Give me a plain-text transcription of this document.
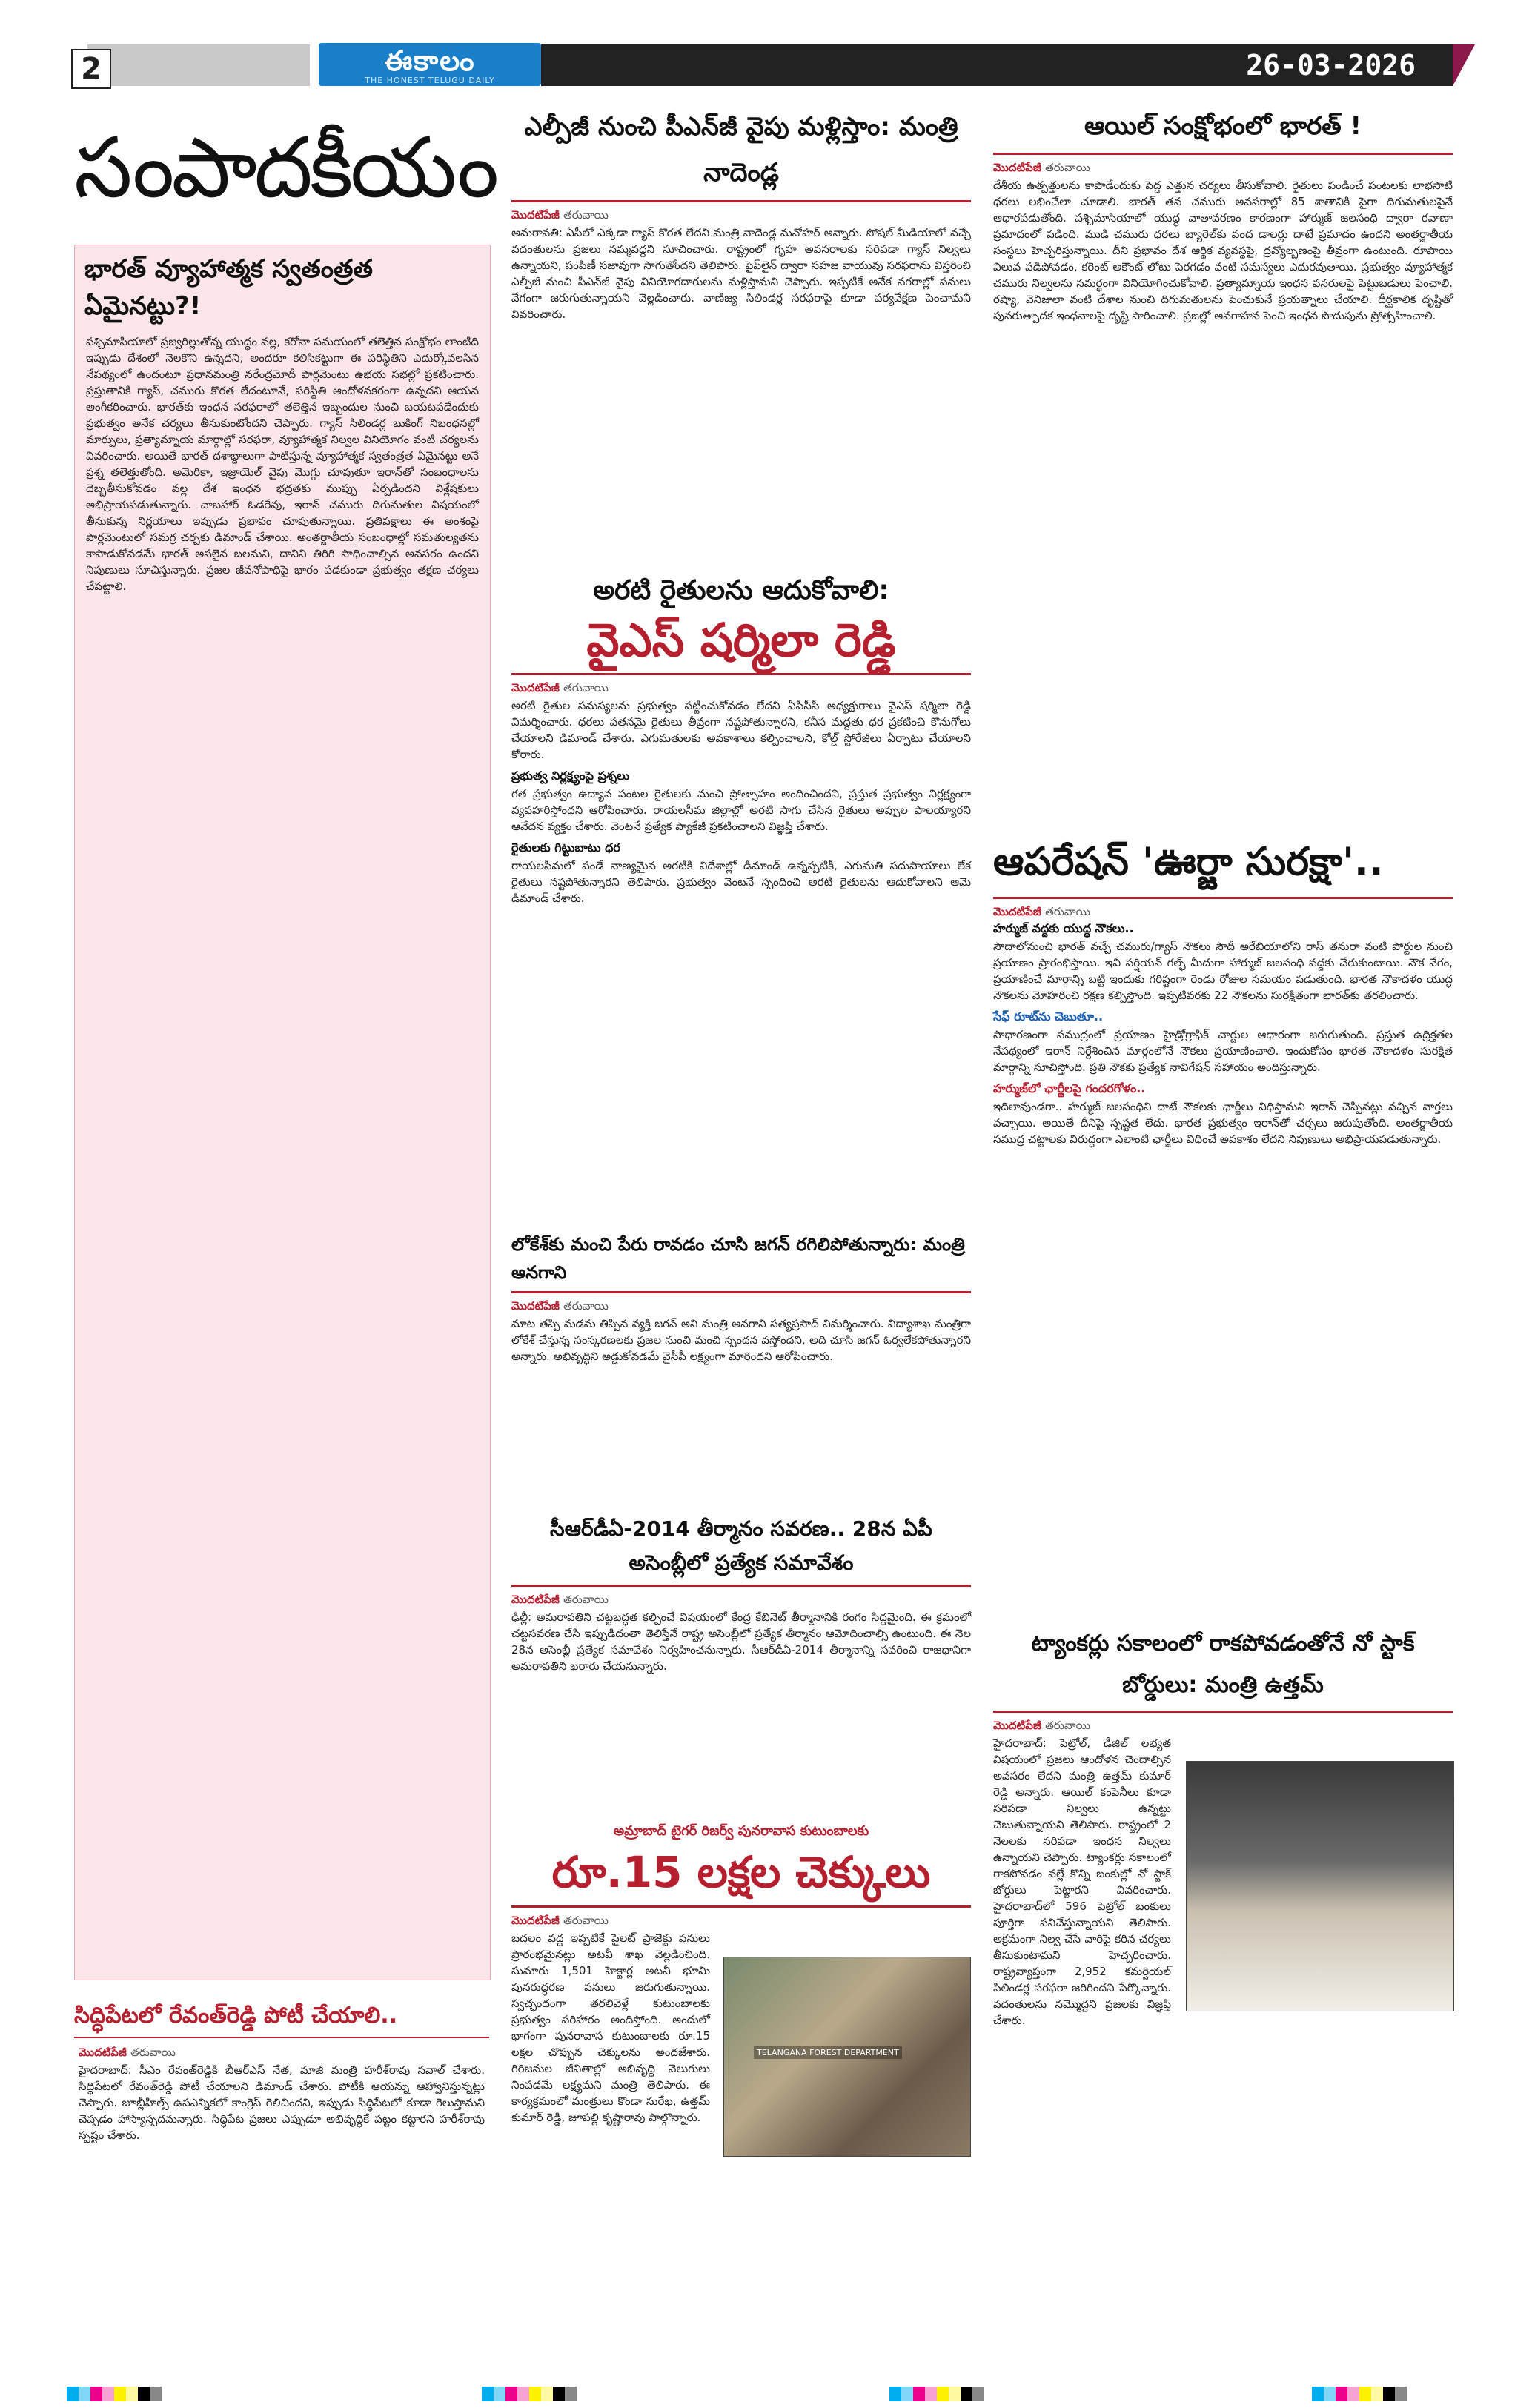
2	ఈకాలం
THE HONEST TELUGU DAILY	26-03-2026
సంపాదకీయం
భారత్ వ్యూహాత్మక స్వతంత్రత ఏమైనట్టు?!
పశ్చిమాసియాలో ప్రజ్వరిల్లుతోన్న యుద్ధం వల్ల, కరోనా సమయంలో తలెత్తిన సంక్షోభం లాంటిది ఇప్పుడు దేశంలో నెలకొని ఉన్నదని, అందరూ కలిసికట్టుగా ఈ పరిస్థితిని ఎదుర్కోవలసిన నేపథ్యంలో ఉందంటూ ప్రధానమంత్రి నరేంద్రమోదీ పార్లమెంటు ఉభయ సభల్లో ప్రకటించారు. ప్రస్తుతానికి గ్యాస్, చమురు కొరత లేదంటూనే, పరిస్థితి ఆందోళనకరంగా ఉన్నదని ఆయన అంగీకరించారు. భారత్‌కు ఇంధన సరఫరాలో తలెత్తిన ఇబ్బందుల నుంచి బయటపడేందుకు ప్రభుత్వం అనేక చర్యలు తీసుకుంటోందని చెప్పారు. గ్యాస్ సిలిండర్ల బుకింగ్ నిబంధనల్లో మార్పులు, ప్రత్యామ్నాయ మార్గాల్లో సరఫరా, వ్యూహాత్మక నిల్వల వినియోగం వంటి చర్యలను వివరించారు. అయితే భారత్ దశాబ్దాలుగా పాటిస్తున్న వ్యూహాత్మక స్వతంత్రత ఏమైనట్టు అనే ప్రశ్న తలెత్తుతోంది. అమెరికా, ఇజ్రాయెల్ వైపు మొగ్గు చూపుతూ ఇరాన్‌తో సంబంధాలను దెబ్బతీసుకోవడం వల్ల దేశ ఇంధన భద్రతకు ముప్పు ఏర్పడిందని విశ్లేషకులు అభిప్రాయపడుతున్నారు. చాబహార్ ఓడరేవు, ఇరాన్ చమురు దిగుమతుల విషయంలో తీసుకున్న నిర్ణయాలు ఇప్పుడు ప్రభావం చూపుతున్నాయి. ప్రతిపక్షాలు ఈ అంశంపై పార్లమెంటులో సమగ్ర చర్చకు డిమాండ్ చేశాయి. అంతర్జాతీయ సంబంధాల్లో సమతుల్యతను కాపాడుకోవడమే భారత్ అసలైన బలమని, దానిని తిరిగి సాధించాల్సిన అవసరం ఉందని నిపుణులు సూచిస్తున్నారు. ప్రజల జీవనోపాధిపై భారం పడకుండా ప్రభుత్వం తక్షణ చర్యలు చేపట్టాలి.
సిద్ధిపేటలో రేవంత్‌రెడ్డి పోటీ చేయాలి..
మొదటిపేజీ తరువాయి
హైదరాబాద్: సీఎం రేవంత్‌రెడ్డికి బీఆర్ఎస్ నేత, మాజీ మంత్రి హరీశ్‌రావు సవాల్ చేశారు. సిద్ధిపేటలో రేవంత్‌రెడ్డి పోటీ చేయాలని డిమాండ్ చేశారు. పోటీకి ఆయన్ను ఆహ్వానిస్తున్నట్లు చెప్పారు. జూబ్లీహిల్స్ ఉపఎన్నికలో కాంగ్రెస్ గెలిచిందని, ఇప్పుడు సిద్ధిపేటలో కూడా గెలుస్తామని చెప్పడం హాస్యాస్పదమన్నారు. సిద్ధిపేట ప్రజలు ఎప్పుడూ అభివృద్ధికే పట్టం కట్టారని హరీశ్‌రావు స్పష్టం చేశారు.
ఎల్పీజీ నుంచి పీఎన్‌జీ వైపు మళ్లిస్తాం: మంత్రి నాదెండ్ల
మొదటిపేజీ తరువాయి
అమరావతి: ఏపీలో ఎక్కడా గ్యాస్ కొరత లేదని మంత్రి నాదెండ్ల మనోహర్ అన్నారు. సోషల్ మీడియాలో వచ్చే వదంతులను ప్రజలు నమ్మవద్దని సూచించారు. రాష్ట్రంలో గృహ అవసరాలకు సరిపడా గ్యాస్ నిల్వలు ఉన్నాయని, పంపిణీ సజావుగా సాగుతోందని తెలిపారు. పైప్‌లైన్ ద్వారా సహజ వాయువు సరఫరాను విస్తరించి ఎల్పీజీ నుంచి పీఎన్‌జీ వైపు వినియోగదారులను మళ్లిస్తామని చెప్పారు. ఇప్పటికే అనేక నగరాల్లో పనులు వేగంగా జరుగుతున్నాయని వెల్లడించారు. వాణిజ్య సిలిండర్ల సరఫరాపై కూడా పర్యవేక్షణ పెంచామని వివరించారు.
అరటి రైతులను ఆదుకోవాలి:
వైఎస్ షర్మిలా రెడ్డి
మొదటిపేజీ తరువాయి
అరటి రైతుల సమస్యలను ప్రభుత్వం పట్టించుకోవడం లేదని ఏపీసీసీ అధ్యక్షురాలు వైఎస్ షర్మిలా రెడ్డి విమర్శించారు. ధరలు పతనమై రైతులు తీవ్రంగా నష్టపోతున్నారని, కనీస మద్దతు ధర ప్రకటించి కొనుగోలు చేయాలని డిమాండ్ చేశారు. ఎగుమతులకు అవకాశాలు కల్పించాలని, కోల్డ్ స్టోరేజీలు ఏర్పాటు చేయాలని కోరారు.
ప్రభుత్వ నిర్లక్ష్యంపై ప్రశ్నలు
గత ప్రభుత్వం ఉద్యాన పంటల రైతులకు మంచి ప్రోత్సాహం అందించిందని, ప్రస్తుత ప్రభుత్వం నిర్లక్ష్యంగా వ్యవహరిస్తోందని ఆరోపించారు. రాయలసీమ జిల్లాల్లో అరటి సాగు చేసిన రైతులు అప్పుల పాలయ్యారని ఆవేదన వ్యక్తం చేశారు. వెంటనే ప్రత్యేక ప్యాకేజీ ప్రకటించాలని విజ్ఞప్తి చేశారు.
రైతులకు గిట్టుబాటు ధర
రాయలసీమలో పండే నాణ్యమైన అరటికి విదేశాల్లో డిమాండ్ ఉన్నప్పటికీ, ఎగుమతి సదుపాయాలు లేక రైతులు నష్టపోతున్నారని తెలిపారు. ప్రభుత్వం వెంటనే స్పందించి అరటి రైతులను ఆదుకోవాలని ఆమె డిమాండ్ చేశారు.
లోకేశ్‌కు మంచి పేరు రావడం చూసి జగన్ రగిలిపోతున్నారు: మంత్రి అనగాని
మొదటిపేజీ తరువాయి
మాట తప్పి మడమ తిప్పిన వ్యక్తి జగన్ అని మంత్రి అనగాని సత్యప్రసాద్ విమర్శించారు. విద్యాశాఖ మంత్రిగా లోకేశ్ చేస్తున్న సంస్కరణలకు ప్రజల నుంచి మంచి స్పందన వస్తోందని, అది చూసి జగన్ ఓర్వలేకపోతున్నారని అన్నారు. అభివృద్ధిని అడ్డుకోవడమే వైసీపీ లక్ష్యంగా మారిందని ఆరోపించారు.
సీఆర్‌డీఏ-2014 తీర్మానం సవరణ.. 28న ఏపీ అసెంబ్లీలో ప్రత్యేక సమావేశం
మొదటిపేజీ తరువాయి
ఢిల్లీ: అమరావతిని చట్టబద్ధత కల్పించే విషయంలో కేంద్ర కేబినెట్ తీర్మానానికి రంగం సిద్ధమైంది. ఈ క్రమంలో చట్టసవరణ చేసి ఇప్పుడిదంతా తెలిస్తేనే రాష్ట్ర అసెంబ్లీలో ప్రత్యేక తీర్మానం ఆమోదించాల్సి ఉంటుంది. ఈ నెల 28న అసెంబ్లీ ప్రత్యేక సమావేశం నిర్వహించనున్నారు. సీఆర్‌డీఏ-2014 తీర్మానాన్ని సవరించి రాజధానిగా అమరావతిని ఖరారు చేయనున్నారు.
అమ్రాబాద్ టైగర్ రిజర్వ్ పునరావాస కుటుంబాలకు
రూ.15 లక్షల చెక్కులు
మొదటిపేజీ తరువాయి
బదలం వద్ద ఇప్పటికే పైలట్ ప్రాజెక్టు పనులు ప్రారంభమైనట్లు అటవీ శాఖ వెల్లడించింది. సుమారు 1,501 హెక్టార్ల అటవీ భూమి పునరుద్ధరణ పనులు జరుగుతున్నాయి. స్వచ్ఛందంగా తరలివెళ్లే కుటుంబాలకు ప్రభుత్వం పరిహారం అందిస్తోంది. అందులో భాగంగా పునరావాస కుటుంబాలకు రూ.15 లక్షల చొప్పున చెక్కులను అందజేశారు. గిరిజనుల జీవితాల్లో అభివృద్ధి వెలుగులు నింపడమే లక్ష్యమని మంత్రి తెలిపారు. ఈ కార్యక్రమంలో మంత్రులు కొండా సురేఖ, ఉత్తమ్ కుమార్ రెడ్డి, జూపల్లి కృష్ణారావు పాల్గొన్నారు.
TELANGANA FOREST DEPARTMENT
ఆయిల్ సంక్షోభంలో భారత్ !
మొదటిపేజీ తరువాయి
దేశీయ ఉత్పత్తులను కాపాడేందుకు పెద్ద ఎత్తున చర్యలు తీసుకోవాలి. రైతులు పండించే పంటలకు లాభసాటి ధరలు లభించేలా చూడాలి. భారత్ తన చమురు అవసరాల్లో 85 శాతానికి పైగా దిగుమతులపైనే ఆధారపడుతోంది. పశ్చిమాసియాలో యుద్ధ వాతావరణం కారణంగా హార్ముజ్ జలసంధి ద్వారా రవాణా ప్రమాదంలో పడింది. ముడి చమురు ధరలు బ్యారెల్‌కు వంద డాలర్లు దాటే ప్రమాదం ఉందని అంతర్జాతీయ సంస్థలు హెచ్చరిస్తున్నాయి. దీని ప్రభావం దేశ ఆర్థిక వ్యవస్థపై, ద్రవ్యోల్బణంపై తీవ్రంగా ఉంటుంది. రూపాయి విలువ పడిపోవడం, కరెంట్ అకౌంట్ లోటు పెరగడం వంటి సమస్యలు ఎదురవుతాయి. ప్రభుత్వం వ్యూహాత్మక చమురు నిల్వలను సమర్థంగా వినియోగించుకోవాలి. ప్రత్యామ్నాయ ఇంధన వనరులపై పెట్టుబడులు పెంచాలి. రష్యా, వెనిజులా వంటి దేశాల నుంచి దిగుమతులను పెంచుకునే ప్రయత్నాలు చేయాలి. దీర్ఘకాలిక దృష్టితో పునరుత్పాదక ఇంధనాలపై దృష్టి సారించాలి. ప్రజల్లో అవగాహన పెంచి ఇంధన పొదుపును ప్రోత్సహించాలి.
ఆపరేషన్ 'ఊర్జా సురక్షా'..
మొదటిపేజీ తరువాయి
హర్ముజ్ వద్దకు యుద్ధ నౌకలు..
సౌదాలోనుంచి భారత్ వచ్చే చమురు/గ్యాస్ నౌకలు సౌదీ అరేబియాలోని రాస్ తనురా వంటి పోర్టుల నుంచి ప్రయాణం ప్రారంభిస్తాయి. ఇవి పర్షియన్ గల్ఫ్ మీదుగా హార్ముజ్ జలసంధి వద్దకు చేరుకుంటాయి. నౌక వేగం, ప్రయాణించే మార్గాన్ని బట్టి ఇందుకు గరిష్టంగా రెండు రోజుల సమయం పడుతుంది. భారత నౌకాదళం యుద్ధ నౌకలను మోహరించి రక్షణ కల్పిస్తోంది. ఇప్పటివరకు 22 నౌకలను సురక్షితంగా భారత్‌కు తరలించారు.
సేఫ్ రూట్‌ను చెబుతూ..
సాధారణంగా సముద్రంలో ప్రయాణం హైడ్రోగ్రాఫిక్ చార్టుల ఆధారంగా జరుగుతుంది. ప్రస్తుత ఉద్రిక్తతల నేపథ్యంలో ఇరాన్ నిర్దేశించిన మార్గంలోనే నౌకలు ప్రయాణించాలి. ఇందుకోసం భారత నౌకాదళం సురక్షిత మార్గాన్ని సూచిస్తోంది. ప్రతి నౌకకు ప్రత్యేక నావిగేషన్ సహాయం అందిస్తున్నారు.
హర్ముజ్‌లో ఛార్జీలపై గందరగోళం..
ఇదిలావుండగా.. హర్ముజ్ జలసంధిని దాటే నౌకలకు ఛార్జీలు విధిస్తామని ఇరాన్ చెప్పినట్లు వచ్చిన వార్తలు వచ్చాయి. అయితే దీనిపై స్పష్టత లేదు. భారత ప్రభుత్వం ఇరాన్‌తో చర్చలు జరుపుతోంది. అంతర్జాతీయ సముద్ర చట్టాలకు విరుద్ధంగా ఎలాంటి ఛార్జీలు విధించే అవకాశం లేదని నిపుణులు అభిప్రాయపడుతున్నారు.
ట్యాంకర్లు సకాలంలో రాకపోవడంతోనే నో స్టాక్ బోర్డులు: మంత్రి ఉత్తమ్
మొదటిపేజీ తరువాయి
హైదరాబాద్: పెట్రోల్, డీజిల్ లభ్యత విషయంలో ప్రజలు ఆందోళన చెందాల్సిన అవసరం లేదని మంత్రి ఉత్తమ్ కుమార్ రెడ్డి అన్నారు. ఆయిల్ కంపెనీలు కూడా సరిపడా నిల్వలు ఉన్నట్టు చెబుతున్నాయని తెలిపారు. రాష్ట్రంలో 2 నెలలకు సరిపడా ఇంధన నిల్వలు ఉన్నాయని చెప్పారు. ట్యాంకర్లు సకాలంలో రాకపోవడం వల్లే కొన్ని బంకుల్లో నో స్టాక్ బోర్డులు పెట్టారని వివరించారు. హైదరాబాద్‌లో 596 పెట్రోల్ బంకులు పూర్తిగా పనిచేస్తున్నాయని తెలిపారు. అక్రమంగా నిల్వ చేసే వారిపై కఠిన చర్యలు తీసుకుంటామని హెచ్చరించారు. రాష్ట్రవ్యాప్తంగా 2,952 కమర్షియల్ సిలిండర్ల సరఫరా జరిగిందని పేర్కొన్నారు. వదంతులను నమ్మొద్దని ప్రజలకు విజ్ఞప్తి చేశారు.
